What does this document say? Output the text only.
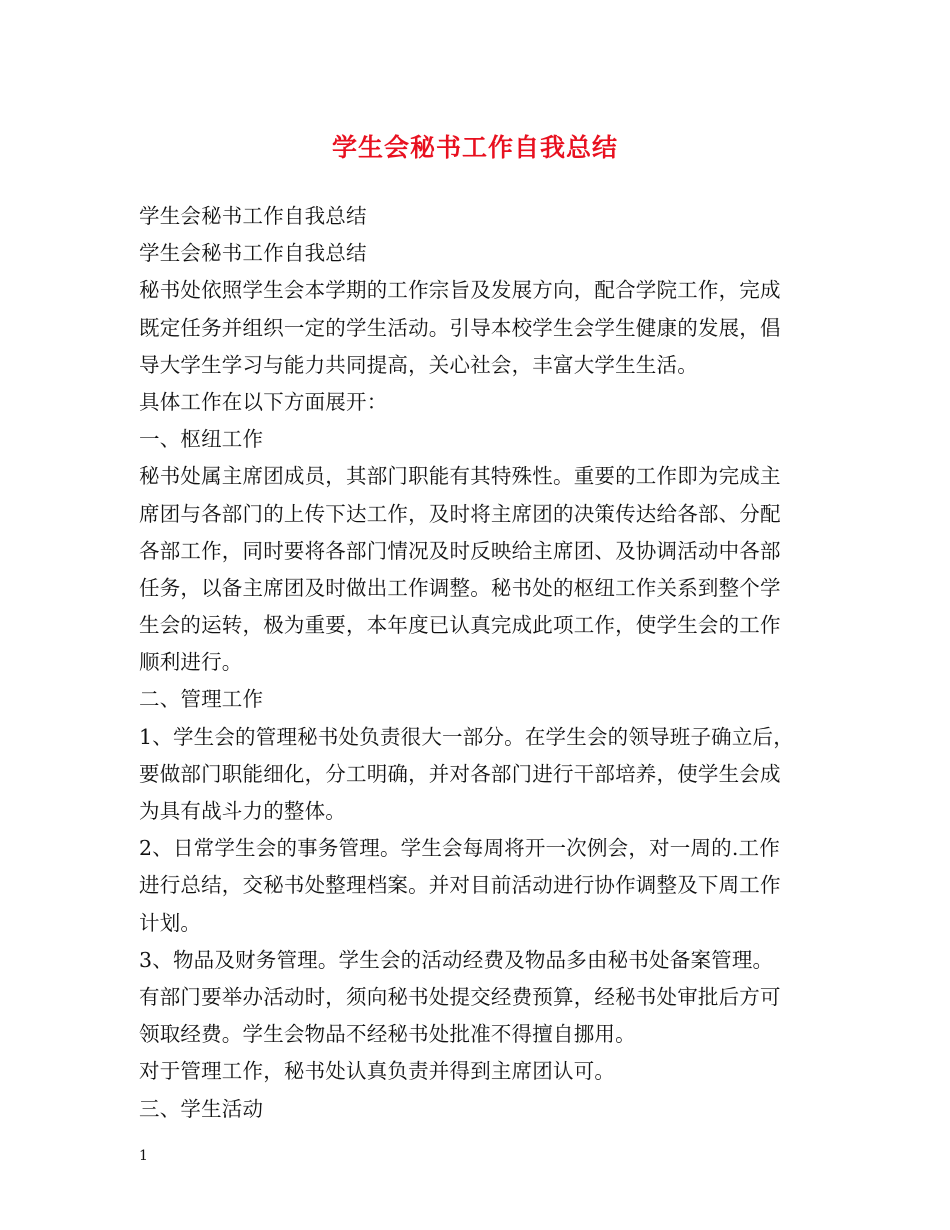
学生会秘书工作自我总结
学生会秘书工作自我总结
学生会秘书工作自我总结
秘书处依照学生会本学期的工作宗旨及发展方向，配合学院工作，完成
既定任务并组织一定的学生活动。引导本校学生会学生健康的发展，倡
导大学生学习与能力共同提高，关心社会，丰富大学生生活。
具体工作在以下方面展开：
一、枢纽工作
秘书处属主席团成员，其部门职能有其特殊性。重要的工作即为完成主
席团与各部门的上传下达工作，及时将主席团的决策传达给各部、分配
各部工作，同时要将各部门情况及时反映给主席团、及协调活动中各部
任务，以备主席团及时做出工作调整。秘书处的枢纽工作关系到整个学
生会的运转，极为重要，本年度已认真完成此项工作，使学生会的工作
顺利进行。
二、管理工作
1、学生会的管理秘书处负责很大一部分。在学生会的领导班子确立后，
要做部门职能细化，分工明确，并对各部门进行干部培养，使学生会成
为具有战斗力的整体。
2、日常学生会的事务管理。学生会每周将开一次例会，对一周的.工作
进行总结，交秘书处整理档案。并对目前活动进行协作调整及下周工作
计划。
3、物品及财务管理。学生会的活动经费及物品多由秘书处备案管理。
有部门要举办活动时，须向秘书处提交经费预算，经秘书处审批后方可
领取经费。学生会物品不经秘书处批准不得擅自挪用。
对于管理工作，秘书处认真负责并得到主席团认可。
三、学生活动
1
